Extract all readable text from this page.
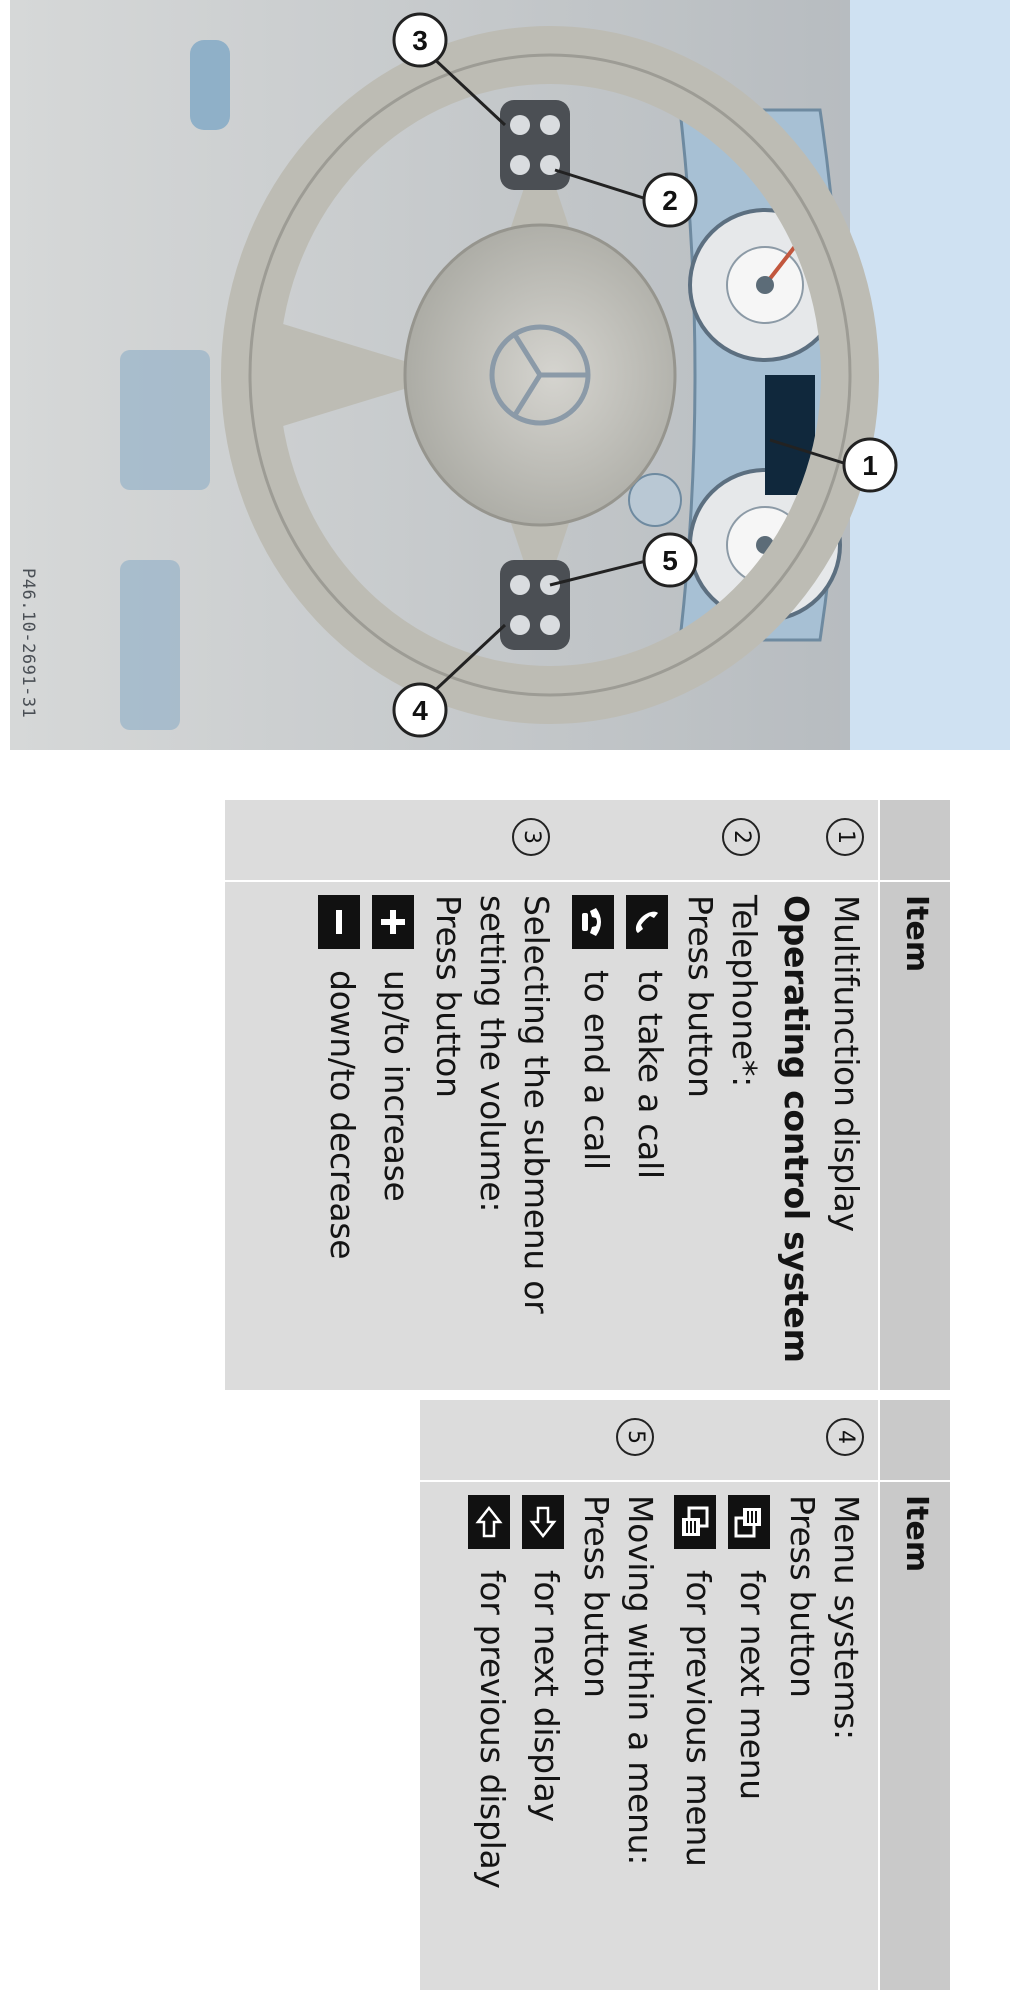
1
2
3
4
5
P46.10-2691-31
Item
1
Multifunction display
Operating control system
2
Telephone*:
Press button
to take a call
to end a call
3
Selecting the submenu or
setting the volume:
Press button
up/to increase
down/to decrease
Item
4
Menu systems:
Press button
for next menu
for previous menu
5
Moving within a menu:
Press button
for next display
for previous display
